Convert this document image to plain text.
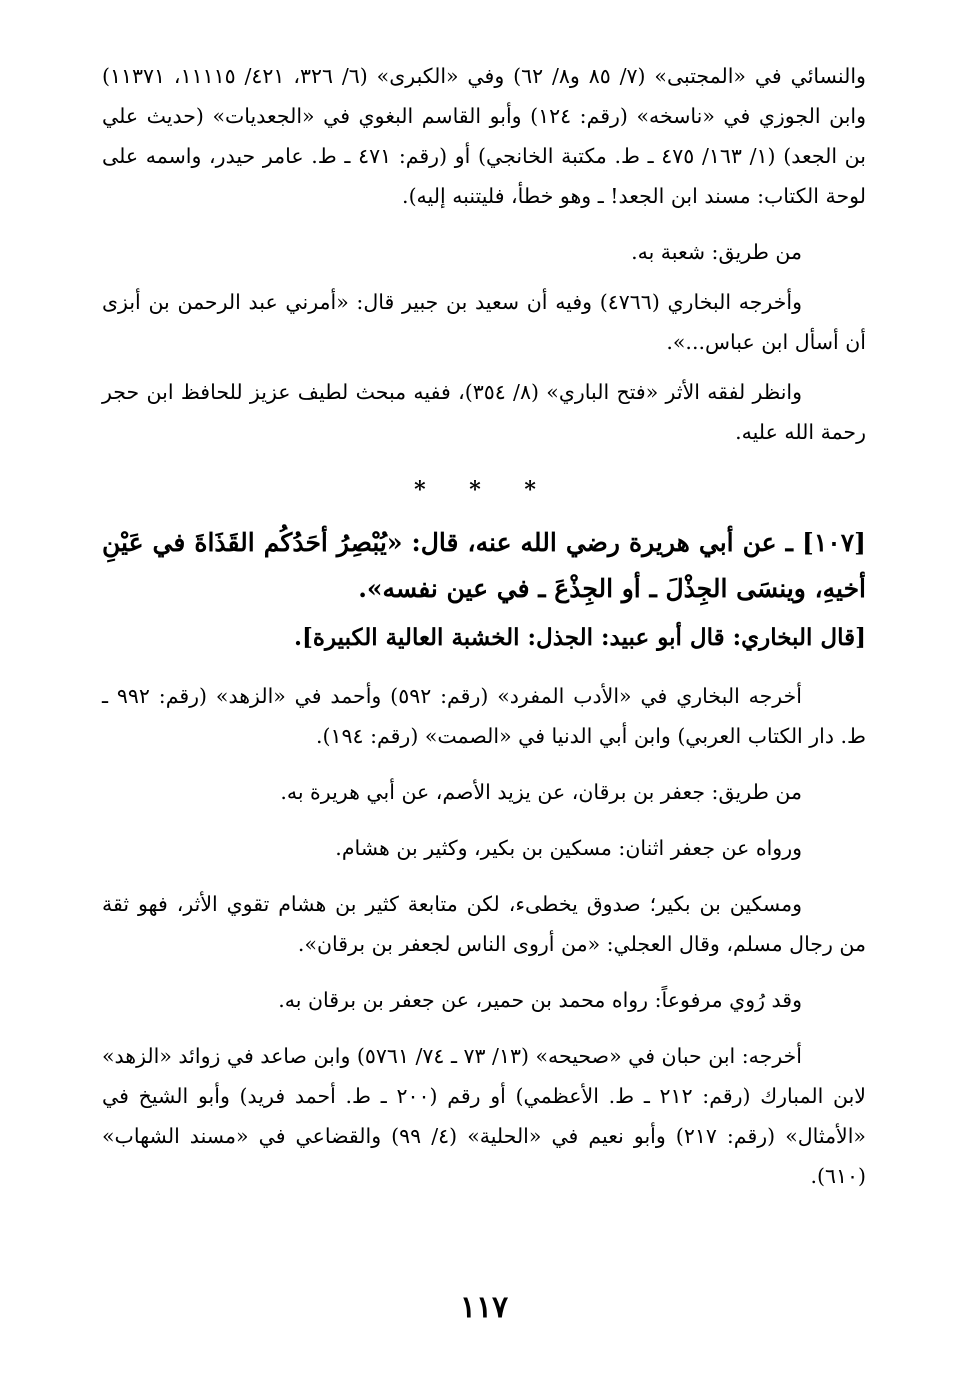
والنسائي في «المجتبى» (٧/ ٨٥ و٨/ ٦٢) وفي «الكبرى» (٦/ ٣٢٦، ٤٢١/ ١١١١٥، ١١٣٧١) وابن الجوزي في «ناسخه» (رقم: ١٢٤) وأبو القاسم البغوي في «الجعديات» (حديث علي بن الجعد) (١/ ١٦٣/ ٤٧٥ ـ ط. مكتبة الخانجي) أو (رقم: ٤٧١ ـ ط. عامر حيدر، واسمه على لوحة الكتاب: مسند ابن الجعد! ـ وهو خطأ، فليتنبه إليه).

من طريق: شعبة به.

وأخرجه البخاري (٤٧٦٦) وفيه أن سعيد بن جبير قال: «أمرني عبد الرحمن بن أبزى أن أسأل ابن عباس...».

وانظر لفقه الأثر «فتح الباري» (٨/ ٣٥٤)، ففيه مبحث لطيف عزيز للحافظ ابن حجر رحمة الله عليه.

* * *
[١٠٧] ـ عن أبي هريرة رضي الله عنه، قال: «يُبْصِرُ أحَدُكُم القَذَاةَ في عَيْنِ أخيهِ، وينسَى الجِذْلَ ـ أو الجِذْعَ ـ في عين نفسه».
[قال البخاري: قال أبو عبيد: الجذل: الخشبة العالية الكبيرة].

أخرجه البخاري في «الأدب المفرد» (رقم: ٥٩٢) وأحمد في «الزهد» (رقم: ٩٩٢ ـ ط. دار الكتاب العربي) وابن أبي الدنيا في «الصمت» (رقم: ١٩٤).

من طريق: جعفر بن برقان، عن يزيد الأصم، عن أبي هريرة به.

ورواه عن جعفر اثنان: مسكين بن بكير، وكثير بن هشام.

ومسكين بن بكير؛ صدوق يخطىء، لكن متابعة كثير بن هشام تقوي الأثر، فهو ثقة من رجال مسلم، وقال العجلي: «من أروى الناس لجعفر بن برقان».

وقد رُوي مرفوعاً: رواه محمد بن حمير، عن جعفر بن برقان به.

أخرجه: ابن حبان في «صحيحه» (١٣/ ٧٣ ـ ٧٤/ ٥٧٦١) وابن صاعد في زوائد «الزهد» لابن المبارك (رقم: ٢١٢ ـ ط. الأعظمي) أو رقم (٢٠٠ ـ ط. أحمد فريد) وأبو الشيخ في «الأمثال» (رقم: ٢١٧) وأبو نعيم في «الحلية» (٤/ ٩٩) والقضاعي في «مسند الشهاب» (٦١٠).

١١٧
